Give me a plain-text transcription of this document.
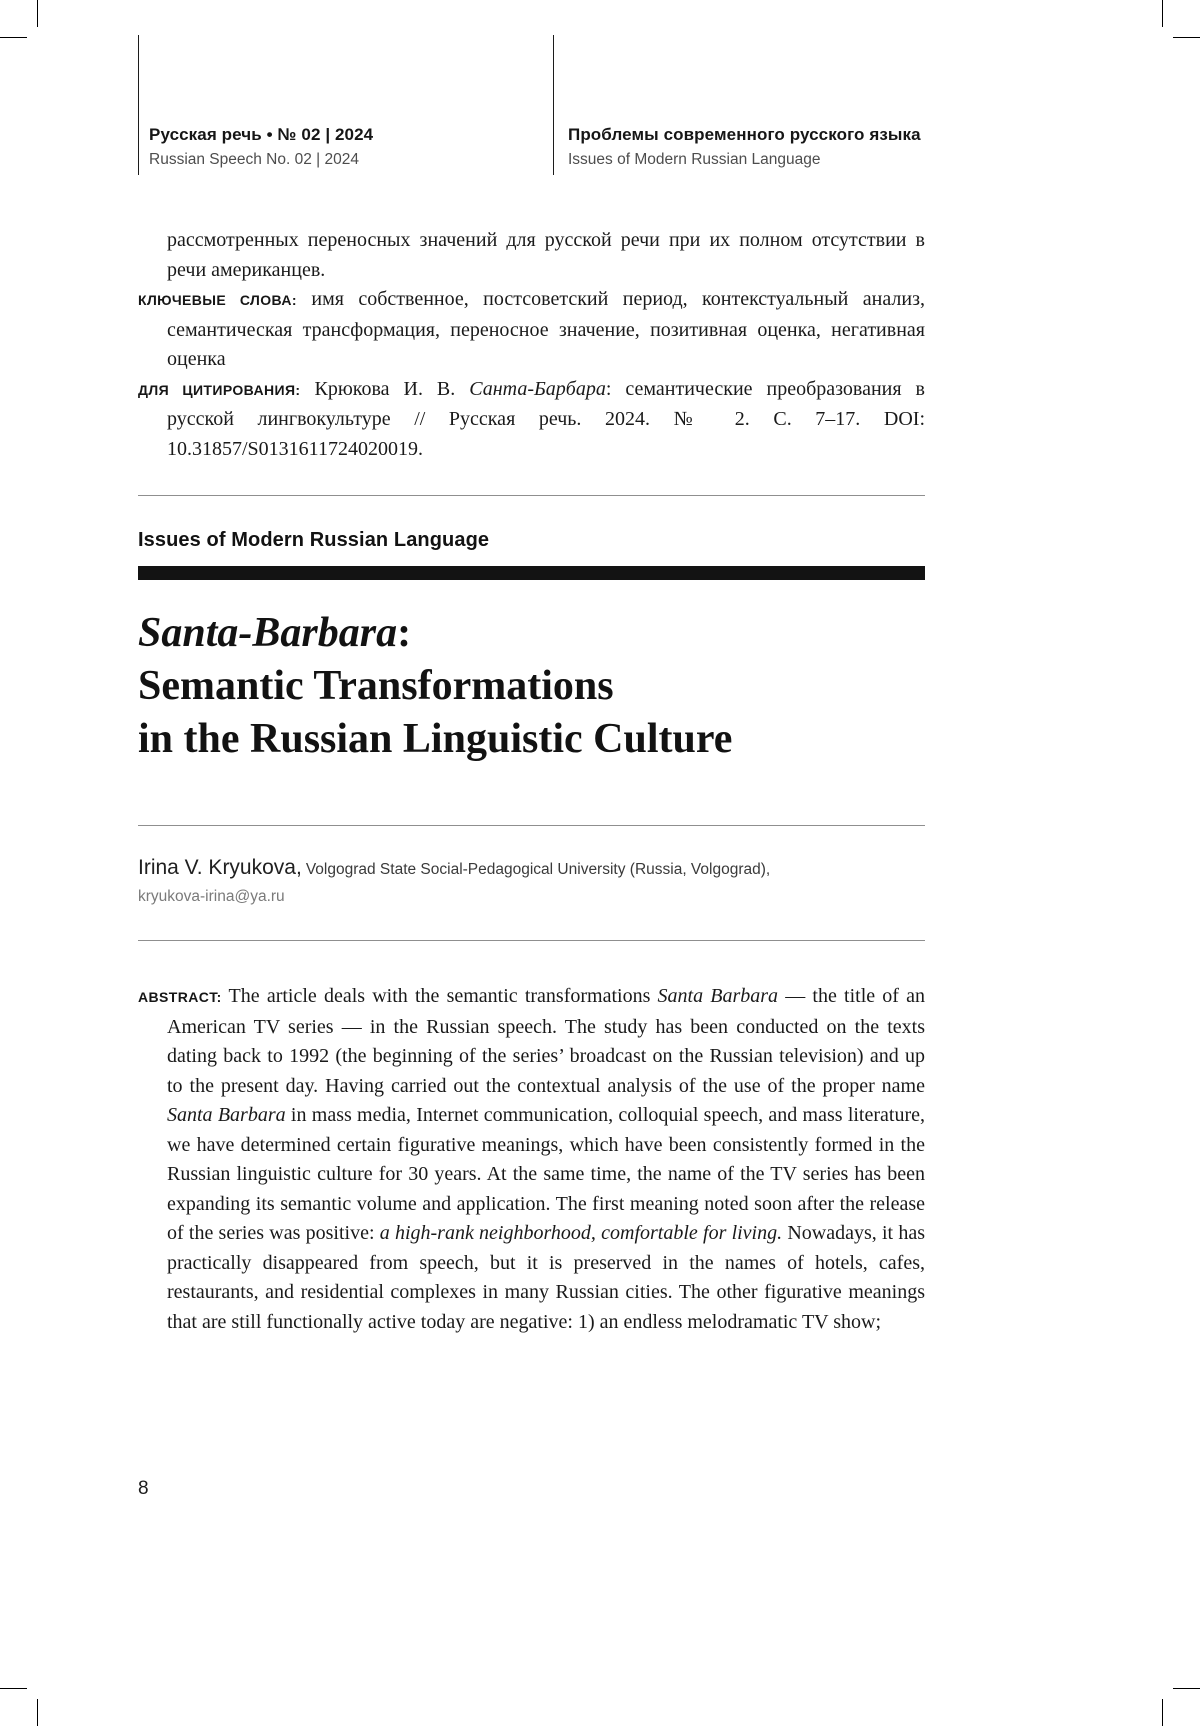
Русская речь • № 02 | 2024
Russian Speech No. 02 | 2024
Проблемы современного русского языка
Issues of Modern Russian Language

рассмотренных переносных значений для русской речи при их полном отсутствии в речи американцев.

КЛЮЧЕВЫЕ СЛОВА: имя собственное, постсоветский период, контекстуальный анализ, семантическая трансформация, переносное значение, позитивная оценка, негативная оценка

ДЛЯ ЦИТИРОВАНИЯ: Крюкова И. В. Санта-Барбара: семантические преобразования в русской лингвокультуре // Русская речь. 2024. № 2. С. 7–17. DOI: 10.31857/S0131611724020019.

Issues of Modern Russian Language
Santa-Barbara:
Semantic Transformations
in the Russian Linguistic Culture
Irina V. Kryukova, Volgograd State Social-Pedagogical University (Russia, Volgograd),
kryukova-irina@ya.ru

ABSTRACT: The article deals with the semantic transformations Santa Barbara — the title of an American TV series — in the Russian speech. The study has been conducted on the texts dating back to 1992 (the beginning of the series’ broadcast on the Russian television) and up to the present day. Having carried out the contextual analysis of the use of the proper name Santa Barbara in mass media, Internet communication, colloquial speech, and mass literature, we have determined certain figurative meanings, which have been consistently formed in the Russian linguistic culture for 30 years. At the same time, the name of the TV series has been expanding its semantic volume and application. The first meaning noted soon after the release of the series was positive: a high-rank neighborhood, comfortable for living. Nowadays, it has practically disappeared from speech, but it is preserved in the names of hotels, cafes, restaurants, and residential complexes in many Russian cities. The other figurative meanings that are still functionally active today are negative: 1) an endless melodramatic TV show;

8
